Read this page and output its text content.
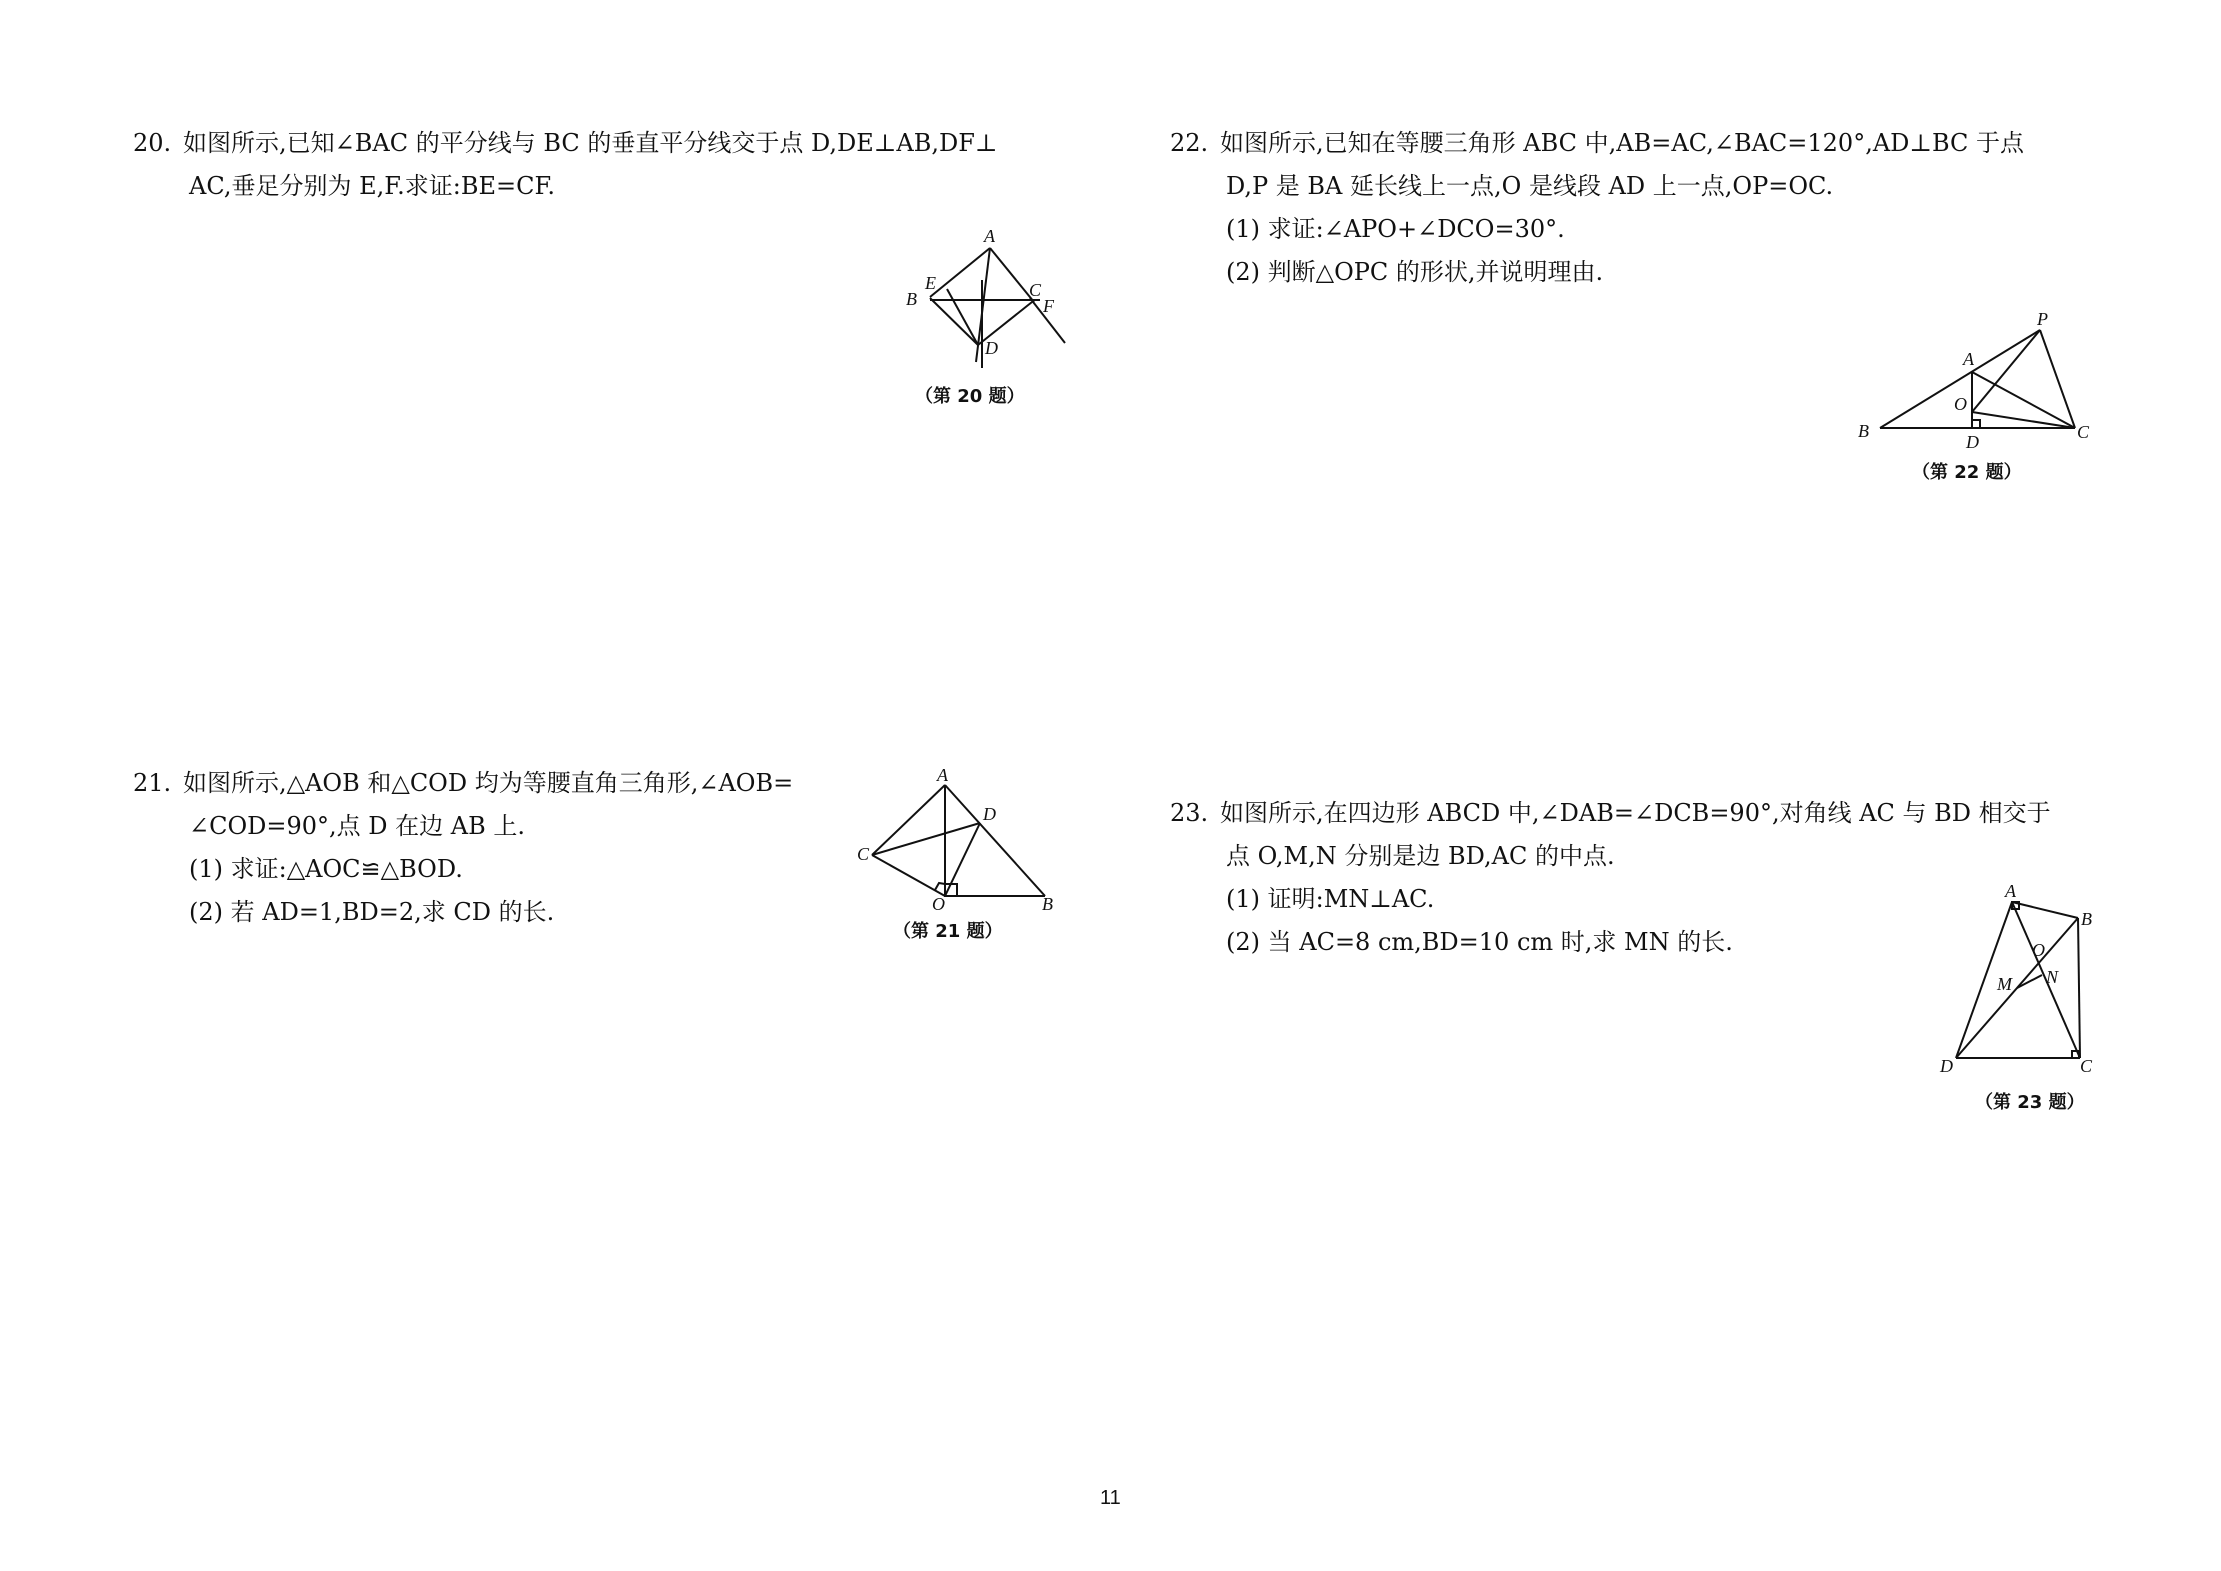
20. 如图所示,已知∠BAC 的平分线与 BC 的垂直平分线交于点 D,DE⊥AB,DF⊥
AC,垂足分别为 E,F.求证:BE=CF.
A
E
B	C
F
D
（第 20 题）
21. 如图所示,△AOB 和△COD 均为等腰直角三角形,∠AOB=
∠COD=90°,点 D 在边 AB 上.
(1) 求证:△AOC≌△BOD.
(2) 若 AD=1,BD=2,求 CD 的长.
A
D
C
O	B
（第 21 题）
22. 如图所示,已知在等腰三角形 ABC 中,AB=AC,∠BAC=120°,AD⊥BC 于点
D,P 是 BA 延长线上一点,O 是线段 AD 上一点,OP=OC.
(1) 求证:∠APO+∠DCO=30°.
(2) 判断△OPC 的形状,并说明理由.
P
A
O
B
D	C
（第 22 题）
23. 如图所示,在四边形 ABCD 中,∠DAB=∠DCB=90°,对角线 AC 与 BD 相交于
点 O,M,N 分别是边 BD,AC 的中点.
(1) 证明:MN⊥AC.
(2) 当 AC=8 cm,BD=10 cm 时,求 MN 的长.
A
B
O
M N
D	C
（第 23 题）
11
